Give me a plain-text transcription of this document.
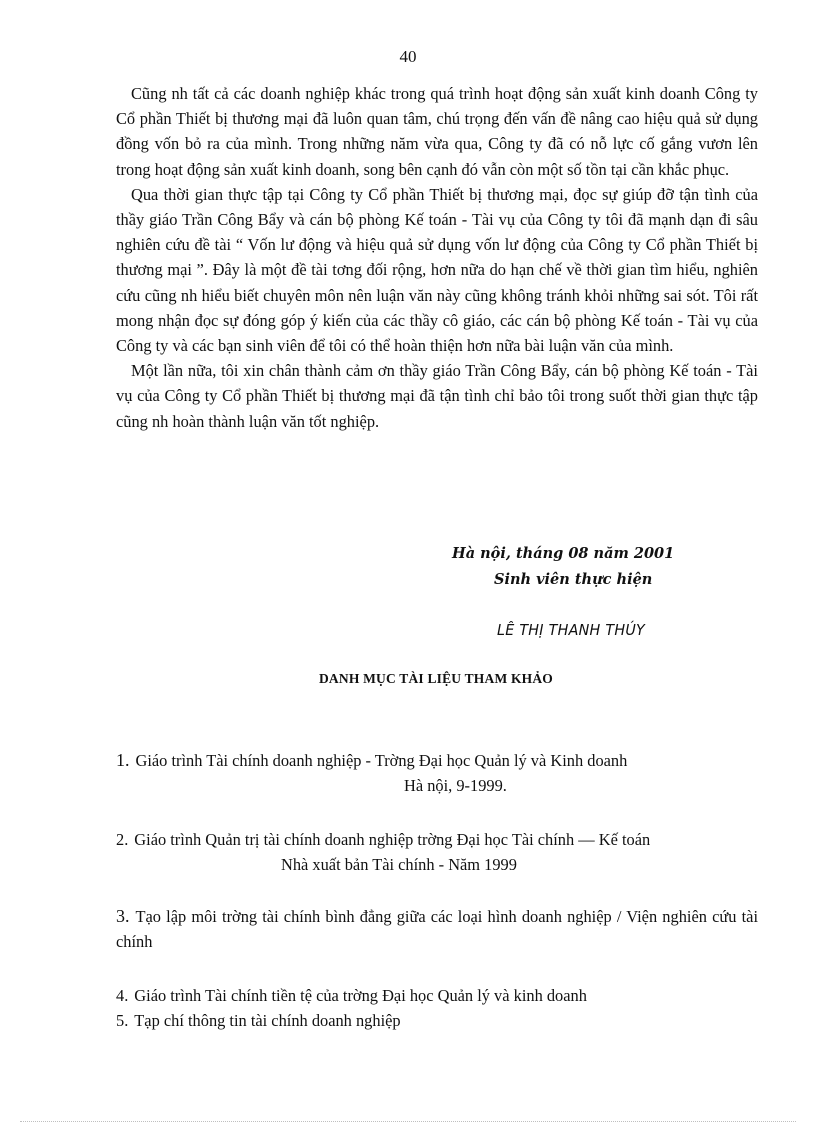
40

Cũng nh tất cả các doanh nghiệp khác trong quá trình hoạt động sản xuất kinh doanh Công ty Cổ phần Thiết bị thương mại đã luôn quan tâm, chú trọng đến vấn đề nâng cao hiệu quả sử dụng đồng vốn bỏ ra của mình. Trong những năm vừa qua, Công ty đã có nỗ lực cố gắng vươn lên trong hoạt động sản xuất kinh doanh, song bên cạnh đó vẫn còn một số tồn tại cần khắc phục.

Qua thời gian thực tập tại Công ty Cổ phần Thiết bị thương mại, đọc sự giúp đỡ tận tình của thầy giáo Trần Công Bẩy và cán bộ phòng Kế toán - Tài vụ của Công ty tôi đã mạnh dạn đi sâu nghiên cứu đề tài “ Vốn lư động và hiệu quả sử dụng vốn lư động của Công ty Cổ phần Thiết bị thương mại ”. Đây là một đề tài tơng đối rộng, hơn nữa do hạn chế về thời gian tìm hiểu, nghiên cứu cũng nh hiểu biết chuyên môn nên luận văn này cũng không tránh khỏi những sai sót. Tôi rất mong nhận đọc sự đóng góp ý kiến của các thầy cô giáo, các cán bộ phòng Kế toán - Tài vụ của Công ty và các bạn sinh viên để tôi có thể hoàn thiện hơn nữa bài luận văn của mình.

Một lần nữa, tôi xin chân thành cảm ơn thầy giáo Trần Công Bẩy, cán bộ phòng Kế toán - Tài vụ của Công ty Cổ phần Thiết bị thương mại đã tận tình chỉ bảo tôi trong suốt thời gian thực tập cũng nh hoàn thành luận văn tốt nghiệp.

Hà nội, tháng 08 năm 2001
Sinh viên thực hiện
LÊ THỊ THANH THÚY
DANH MỤC TÀI LIỆU THAM KHẢO
1. Giáo trình Tài chính doanh nghiệp - Trờng Đại học Quản lý và Kinh doanh
Hà nội, 9-1999.
2. Giáo trình Quản trị tài chính doanh nghiệp trờng Đại học Tài chính — Kế toán
Nhà xuất bản Tài chính - Năm 1999
3. Tạo lập môi trờng tài chính bình đẳng giữa các loại hình doanh nghiệp / Viện nghiên cứu tài chính
4. Giáo trình Tài chính tiền tệ của trờng Đại học Quản lý và kinh doanh
5. Tạp chí thông tin tài chính doanh nghiệp
